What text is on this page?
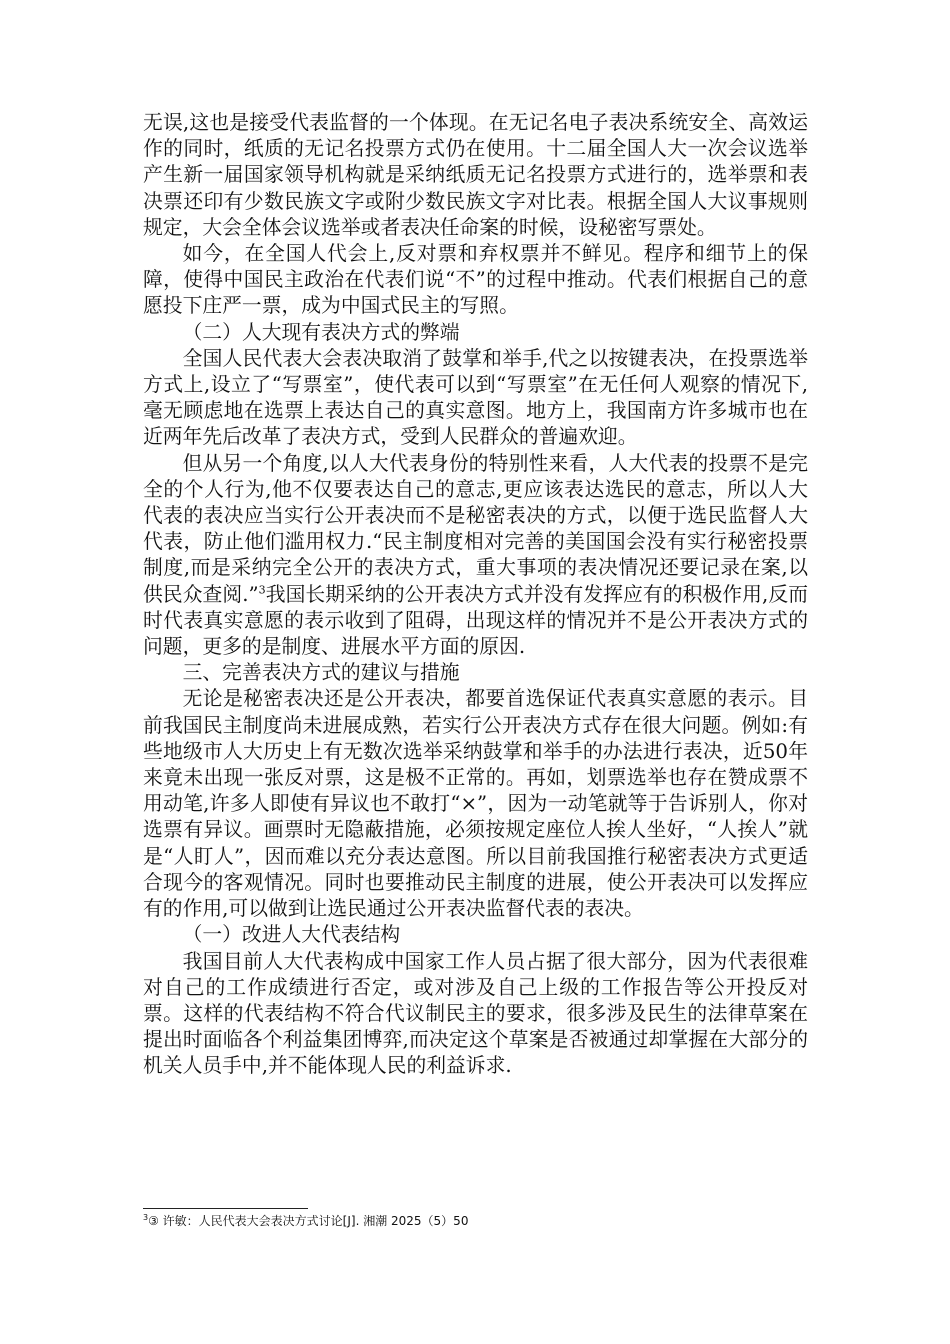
无误,这也是接受代表监督的一个体现。在无记名电子表决系统安全、高效运作的同时，纸质的无记名投票方式仍在使用。十二届全国人大一次会议选举产生新一届国家领导机构就是采纳纸质无记名投票方式进行的，选举票和表决票还印有少数民族文字或附少数民族文字对比表。根据全国人大议事规则规定，大会全体会议选举或者表决任命案的时候，设秘密写票处。

如今，在全国人代会上,反对票和弃权票并不鲜见。程序和细节上的保障，使得中国民主政治在代表们说“不”的过程中推动。代表们根据自己的意愿投下庄严一票，成为中国式民主的写照。

（二）人大现有表决方式的弊端

全国人民代表大会表决取消了鼓掌和举手,代之以按键表决，在投票选举方式上,设立了“写票室”，使代表可以到“写票室”在无任何人观察的情况下,毫无顾虑地在选票上表达自己的真实意图。地方上，我国南方许多城市也在近两年先后改革了表决方式，受到人民群众的普遍欢迎。

但从另一个角度,以人大代表身份的特别性来看，人大代表的投票不是完全的个人行为,他不仅要表达自己的意志,更应该表达选民的意志，所以人大代表的表决应当实行公开表决而不是秘密表决的方式，以便于选民监督人大代表，防止他们滥用权力.“民主制度相对完善的美国国会没有实行秘密投票制度,而是采纳完全公开的表决方式，重大事项的表决情况还要记录在案,以供民众查阅.”$^3$我国长期采纳的公开表决方式并没有发挥应有的积极作用,反而时代表真实意愿的表示收到了阻碍，出现这样的情况并不是公开表决方式的问题，更多的是制度、进展水平方面的原因.

三、完善表决方式的建议与措施

无论是秘密表决还是公开表决，都要首选保证代表真实意愿的表示。目前我国民主制度尚未进展成熟，若实行公开表决方式存在很大问题。例如:有些地级市人大历史上有无数次选举采纳鼓掌和举手的办法进行表决，近50年来竟未出现一张反对票，这是极不正常的。再如，划票选举也存在赞成票不用动笔,许多人即使有异议也不敢打“×”，因为一动笔就等于告诉别人，你对选票有异议。画票时无隐蔽措施，必须按规定座位人挨人坐好，“人挨人”就是“人盯人”，因而难以充分表达意图。所以目前我国推行秘密表决方式更适合现今的客观情况。同时也要推动民主制度的进展，使公开表决可以发挥应有的作用,可以做到让选民通过公开表决监督代表的表决。

（一）改进人大代表结构

我国目前人大代表构成中国家工作人员占据了很大部分，因为代表很难对自己的工作成绩进行否定，或对涉及自己上级的工作报告等公开投反对票。这样的代表结构不符合代议制民主的要求，很多涉及民生的法律草案在提出时面临各个利益集团博弈,而决定这个草案是否被通过却掌握在大部分的机关人员手中,并不能体现人民的利益诉求.

$^3$③ 许敏：人民代表大会表决方式讨论[J]. 湘潮 2025（5）50
